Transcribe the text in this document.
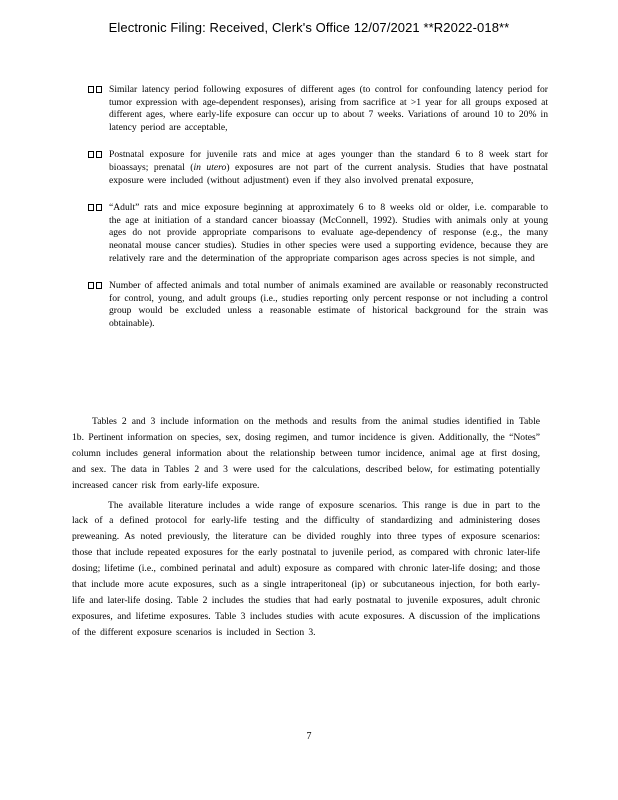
Electronic Filing: Received, Clerk's Office 12/07/2021 **R2022-018**
Similar latency period following exposures of different ages (to control for confounding latency period for tumor expression with age-dependent responses), arising from sacrifice at >1 year for all groups exposed at different ages, where early-life exposure can occur up to about 7 weeks. Variations of around 10 to 20% in latency period are acceptable,
Postnatal exposure for juvenile rats and mice at ages younger than the standard 6 to 8 week start for bioassays; prenatal (in utero) exposures are not part of the current analysis. Studies that have postnatal exposure were included (without adjustment) even if they also involved prenatal exposure,
“Adult” rats and mice exposure beginning at approximately 6 to 8 weeks old or older, i.e. comparable to the age at initiation of a standard cancer bioassay (McConnell, 1992). Studies with animals only at young ages do not provide appropriate comparisons to evaluate age-dependency of response (e.g., the many neonatal mouse cancer studies). Studies in other species were used a supporting evidence, because they are relatively rare and the determination of the appropriate comparison ages across species is not simple, and
Number of affected animals and total number of animals examined are available or reasonably reconstructed for control, young, and adult groups (i.e., studies reporting only percent response or not including a control group would be excluded unless a reasonable estimate of historical background for the strain was obtainable).

Tables 2 and 3 include information on the methods and results from the animal studies identified in Table 1b. Pertinent information on species, sex, dosing regimen, and tumor incidence is given. Additionally, the “Notes” column includes general information about the relationship between tumor incidence, animal age at first dosing, and sex. The data in Tables 2 and 3 were used for the calculations, described below, for estimating potentially increased cancer risk from early-life exposure.

The available literature includes a wide range of exposure scenarios. This range is due in part to the lack of a defined protocol for early-life testing and the difficulty of standardizing and administering doses preweaning. As noted previously, the literature can be divided roughly into three types of exposure scenarios: those that include repeated exposures for the early postnatal to juvenile period, as compared with chronic later-life dosing; lifetime (i.e., combined perinatal and adult) exposure as compared with chronic later-life dosing; and those that include more acute exposures, such as a single intraperitoneal (ip) or subcutaneous injection, for both early-life and later-life dosing. Table 2 includes the studies that had early postnatal to juvenile exposures, adult chronic exposures, and lifetime exposures. Table 3 includes studies with acute exposures. A discussion of the implications of the different exposure scenarios is included in Section 3.

7
